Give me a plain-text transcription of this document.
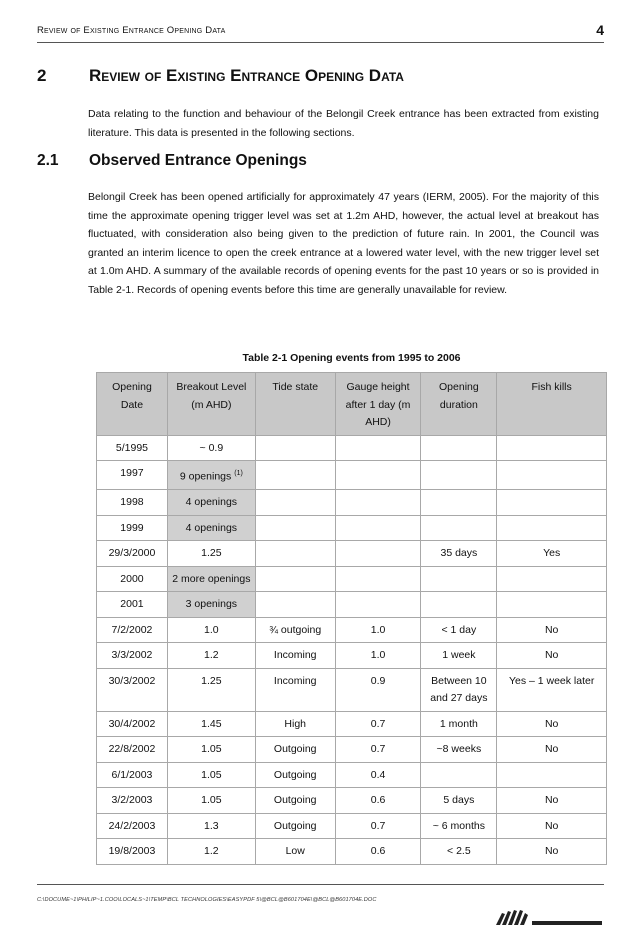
Review of Existing Entrance Opening Data	4
2	Review of Existing Entrance Opening Data
Data relating to the function and behaviour of the Belongil Creek entrance has been extracted from existing literature. This data is presented in the following sections.
2.1 Observed Entrance Openings
Belongil Creek has been opened artificially for approximately 47 years (IERM, 2005). For the majority of this time the approximate opening trigger level was set at 1.2m AHD, however, the actual level at breakout has fluctuated, with consideration also being given to the prediction of future rain. In 2001, the Council was granted an interim licence to open the creek entrance at a lowered water level, with the new trigger level set at 1.0m AHD. A summary of the available records of opening events for the past 10 years or so is provided in Table 2-1. Records of opening events before this time are generally unavailable for review.
Table 2-1 Opening events from 1995 to 2006
Opening Date	Breakout Level (m AHD)	Tide state	Gauge height after 1 day (m AHD)	Opening duration	Fish kills
5/1995	~ 0.9				
1997	9 openings $^{(1)}$				
1998	4 openings				
1999	4 openings				
29/3/2000	1.25			35 days	Yes
2000	2 more openings				
2001	3 openings				
7/2/2002	1.0	¾ outgoing	1.0	< 1 day	No
3/3/2002	1.2	Incoming	1.0	1 week	No
30/3/2002	1.25	Incoming	0.9	Between 10 and 27 days	Yes – 1 week later
30/4/2002	1.45	High	0.7	1 month	No
22/8/2002	1.05	Outgoing	0.7	~8 weeks	No
6/1/2003	1.05	Outgoing	0.4		
3/2/2003	1.05	Outgoing	0.6	5 days	No
24/2/2003	1.3	Outgoing	0.7	~ 6 months	No
19/8/2003	1.2	Low	0.6	< 2.5	No
C:\DOCUME~1\PHILIP~1.COO\LOCALS~1\TEMP\BCL TECHNOLOGIES\EASYPDF 5\@BCL@B601704E\@BCL@B601704E.DOC
